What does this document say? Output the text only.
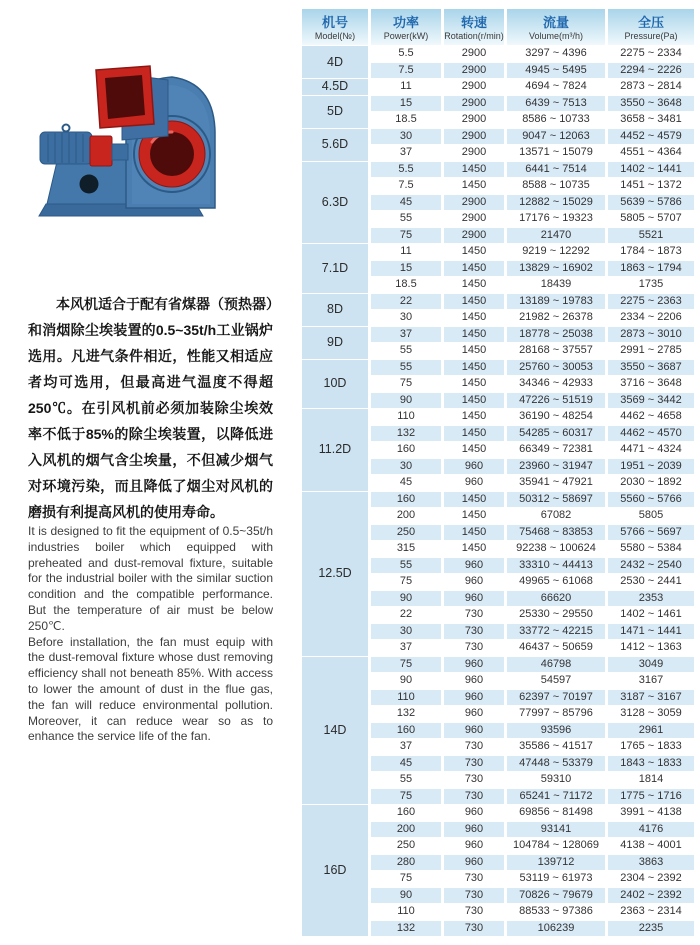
本风机适合于配有省煤器（预热器）和消烟除尘埃装置的0.5~35t/h工业锅炉选用。凡进气条件相近，性能又相适应者均可选用，但最高进气温度不得超250℃。在引风机前必须加装除尘埃效率不低于85%的除尘埃装置，以降低进入风机的烟气含尘埃量，不但减少烟气对环境污染，而且降低了烟尘对风机的磨损有利提高风机的使用寿命。
It is designed to fit the equipment of 0.5~35t/h industries boiler which equipped with preheated and dust-removal fixture, suitable for the industrial boiler with the similar suction condition and the compatible performance. But the temperature of air must be below 250℃.
Before installation, the fan must equip with the dust-removal fixture whose dust removing efficiency shall not beneath 85%. With access to lower the amount of dust in the flue gas, the fan will reduce environmental pollution. Moreover, it can reduce wear so as to enhance the service life of the fan.
机号
Model(№)

功率
Power(kW)

转速
Rotation(r/min)

流量
Volume(m³/h)

全压
Pressure(Pa)

4D	5.5	2900	3297 ~ 4396	2275 ~ 2334
	7.5	2900	4945 ~ 5495	2294 ~ 2226
4.5D	11	2900	4694 ~ 7824	2873 ~ 2814
5D	15	2900	6439 ~ 7513	3550 ~ 3648
	18.5	2900	8586 ~ 10733	3658 ~ 3481
5.6D	30	2900	9047 ~ 12063	4452 ~ 4579
	37	2900	13571 ~ 15079	4551 ~ 4364
6.3D	5.5	1450	6441 ~ 7514	1402 ~ 1441
	7.5	1450	8588 ~ 10735	1451 ~ 1372
	45	2900	12882 ~ 15029	5639 ~ 5786
	55	2900	17176 ~ 19323	5805 ~ 5707
	75	2900	21470	5521
7.1D	11	1450	9219 ~ 12292	1784 ~ 1873
	15	1450	13829 ~ 16902	1863 ~ 1794
	18.5	1450	18439	1735
8D	22	1450	13189 ~ 19783	2275 ~ 2363
	30	1450	21982 ~ 26378	2334 ~ 2206
9D	37	1450	18778 ~ 25038	2873 ~ 3010
	55	1450	28168 ~ 37557	2991 ~ 2785
10D	55	1450	25760 ~ 30053	3550 ~ 3687
	75	1450	34346 ~ 42933	3716 ~ 3648
	90	1450	47226 ~ 51519	3569 ~ 3442
11.2D	110	1450	36190 ~ 48254	4462 ~ 4658
	132	1450	54285 ~ 60317	4462 ~ 4570
	160	1450	66349 ~ 72381	4471 ~ 4324
	30	960	23960 ~ 31947	1951 ~ 2039
	45	960	35941 ~ 47921	2030 ~ 1892
12.5D	160	1450	50312 ~ 58697	5560 ~ 5766
	200	1450	67082	5805
	250	1450	75468 ~ 83853	5766 ~ 5697
	315	1450	92238 ~ 100624	5580 ~ 5384
	55	960	33310 ~ 44413	2432 ~ 2540
	75	960	49965 ~ 61068	2530 ~ 2441
	90	960	66620	2353
	22	730	25330 ~ 29550	1402 ~ 1461
	30	730	33772 ~ 42215	1471 ~ 1441
	37	730	46437 ~ 50659	1412 ~ 1363
14D	75	960	46798	3049
	90	960	54597	3167
	110	960	62397 ~ 70197	3187 ~ 3167
	132	960	77997 ~ 85796	3128 ~ 3059
	160	960	93596	2961
	37	730	35586 ~ 41517	1765 ~ 1833
	45	730	47448 ~ 53379	1843 ~ 1833
	55	730	59310	1814
	75	730	65241 ~ 71172	1775 ~ 1716
16D	160	960	69856 ~ 81498	3991 ~ 4138
	200	960	93141	4176
	250	960	104784 ~ 128069	4138 ~ 4001
	280	960	139712	3863
	75	730	53119 ~ 61973	2304 ~ 2392
	90	730	70826 ~ 79679	2402 ~ 2392
	110	730	88533 ~ 97386	2363 ~ 2314
	132	730	106239	2235
